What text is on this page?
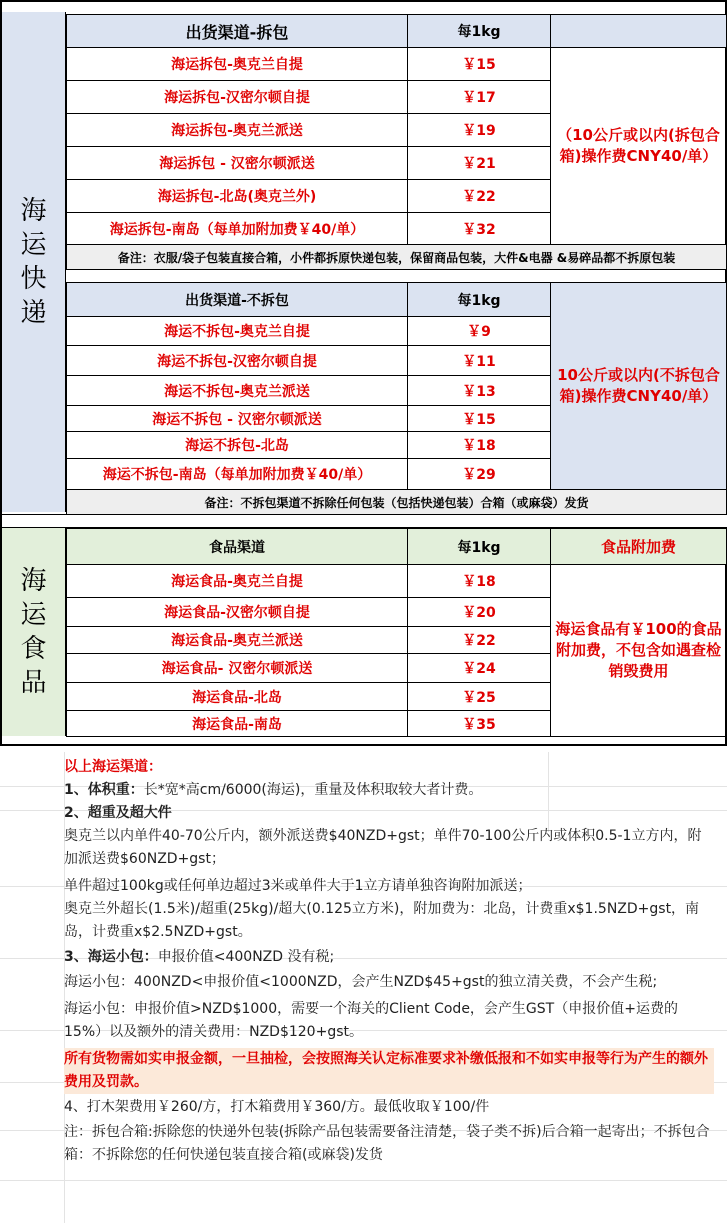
海运快递
出货渠道-拆包	每1kg
海运拆包-奥克兰自提	￥15
海运拆包-汉密尔顿自提	￥17
海运拆包-奥克兰派送	￥19
海运拆包 - 汉密尔顿派送	￥21
海运拆包-北岛(奥克兰外)	￥22
海运拆包-南岛（每单加附加费￥40/单）	￥32
（10公斤或以内(拆包合箱)操作费CNY40/单）
备注：衣服/袋子包装直接合箱，小件都拆原快递包装，保留商品包装，大件&电器 &易碎品都不拆原包装
出货渠道-不拆包	每1kg
10公斤或以内(不拆包合箱)操作费CNY40/单）
海运不拆包-奥克兰自提	￥9
海运不拆包-汉密尔顿自提	￥11
海运不拆包-奥克兰派送	￥13
海运不拆包 - 汉密尔顿派送	￥15
海运不拆包-北岛	￥18
海运不拆包-南岛（每单加附加费￥40/单）	￥29
备注：不拆包渠道不拆除任何包装（包括快递包装）合箱（或麻袋）发货
海运食品
食品渠道	每1kg	食品附加费
海运食品-奥克兰自提	￥18
海运食品-汉密尔顿自提	￥20
海运食品-奥克兰派送	￥22
海运食品- 汉密尔顿派送	￥24
海运食品-北岛	￥25
海运食品-南岛	￥35
海运食品有￥100的食品附加费，不包含如遇查检销毁费用
以上海运渠道：
1、体积重：长*宽*高cm/6000(海运)，重量及体积取较大者计费。
2、超重及超大件
奥克兰以内单件40-70公斤内，额外派送费$40NZD+gst；单件70-100公斤内或体积0.5-1立方内，附加派送费$60NZD+gst；
单件超过100kg或任何单边超过3米或单件大于1立方请单独咨询附加派送；
奥克兰外超长(1.5米)/超重(25kg)/超大(0.125立方米)，附加费为：北岛，计费重x$1.5NZD+gst，南岛，计费重x$2.5NZD+gst。
3、海运小包：申报价值<400NZD 没有税;
海运小包：400NZD<申报价值<1000NZD，会产生NZD$45+gst的独立清关费，不会产生税;
海运小包：申报价值>NZD$1000，需要一个海关的Client Code，会产生GST（申报价值+运费的15%）以及额外的清关费用：NZD$120+gst。
所有货物需如实申报金额，一旦抽检，会按照海关认定标准要求补缴低报和不如实申报等行为产生的额外费用及罚款。
4、打木架费用￥260/方，打木箱费用￥360/方。最低收取￥100/件
注：拆包合箱:拆除您的快递外包装(拆除产品包装需要备注清楚，袋子类不拆)后合箱一起寄出；不拆包合箱：不拆除您的任何快递包装直接合箱(或麻袋)发货
